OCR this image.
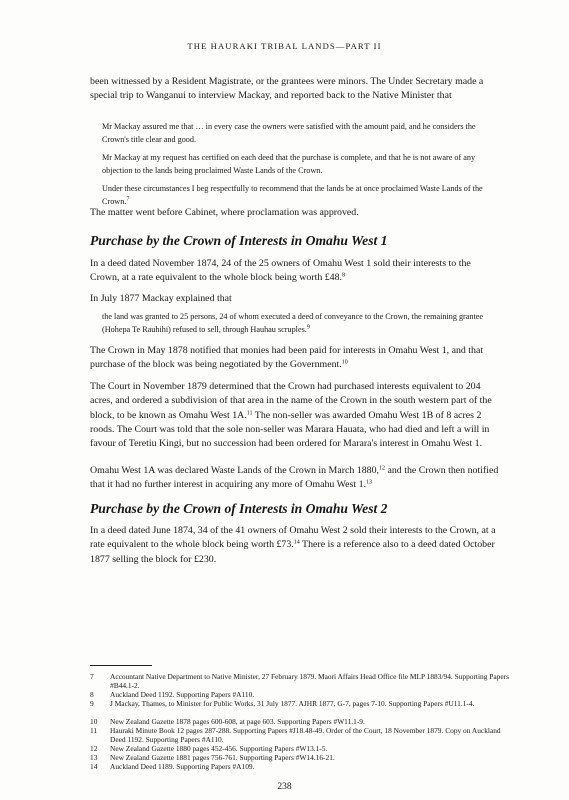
THE HAURAKI TRIBAL LANDS—PART II

been witnessed by a Resident Magistrate, or the grantees were minors. The Under Secretary made a special trip to Wanganui to interview Mackay, and reported back to the Native Minister that

Mr Mackay assured me that … in every case the owners were satisfied with the amount paid, and he considers the Crown's title clear and good.

Mr Mackay at my request has certified on each deed that the purchase is complete, and that he is not aware of any objection to the lands being proclaimed Waste Lands of the Crown.

Under these circumstances I beg respectfully to recommend that the lands be at once proclaimed Waste Lands of the Crown.$^7$

The matter went before Cabinet, where proclamation was approved.

Purchase by the Crown of Interests in Omahu West 1

In a deed dated November 1874, 24 of the 25 owners of Omahu West 1 sold their interests to the Crown, at a rate equivalent to the whole block being worth £48.$^8$

In July 1877 Mackay explained that

the land was granted to 25 persons, 24 of whom executed a deed of conveyance to the Crown, the remaining grantee (Hohepa Te Rauhihi) refused to sell, through Hauhau scruples.$^9$

The Crown in May 1878 notified that monies had been paid for interests in Omahu West 1, and that purchase of the block was being negotiated by the Government.$^{10}$

The Court in November 1879 determined that the Crown had purchased interests equivalent to 204 acres, and ordered a subdivision of that area in the name of the Crown in the south western part of the block, to be known as Omahu West 1A.$^{11}$ The non-seller was awarded Omahu West 1B of 8 acres 2 roods. The Court was told that the sole non-seller was Marara Hauata, who had died and left a will in favour of Teretiu Kingi, but no succession had been ordered for Marara's interest in Omahu West 1.

Omahu West 1A was declared Waste Lands of the Crown in March 1880,12 and the Crown then notified that it had no further interest in acquiring any more of Omahu West 1.13

Purchase by the Crown of Interests in Omahu West 2

In a deed dated June 1874, 34 of the 41 owners of Omahu West 2 sold their interests to the Crown, at a rate equivalent to the whole block being worth £73.14 There is a reference also to a deed dated October 1877 selling the block for £230.

7 Accountant Native Department to Native Minister, 27 February 1879. Maori Affairs Head Office file MLP 1883/94. Supporting Papers #B44.1-2.
8 Auckland Deed 1192. Supporting Papers #A110.
9 J Mackay, Thames, to Minister for Public Works, 31 July 1877. AJHR 1877, G-7, pages 7-10. Supporting Papers #U11.1-4.
10 New Zealand Gazette 1878 pages 600-608, at page 603. Supporting Papers #W11.1-9.
11 Hauraki Minute Book 12 pages 287-288. Supporting Papers #J18.48-49. Order of the Court, 18 November 1879. Copy on Auckland Deed 1192. Supporting Papers #A110.
12 New Zealand Gazette 1880 pages 452-456. Supporting Papers #W13.1-5.
13 New Zealand Gazette 1881 pages 756-761. Supporting Papers #W14.16-21.
14 Auckland Deed 1189. Supporting Papers #A109.
238
